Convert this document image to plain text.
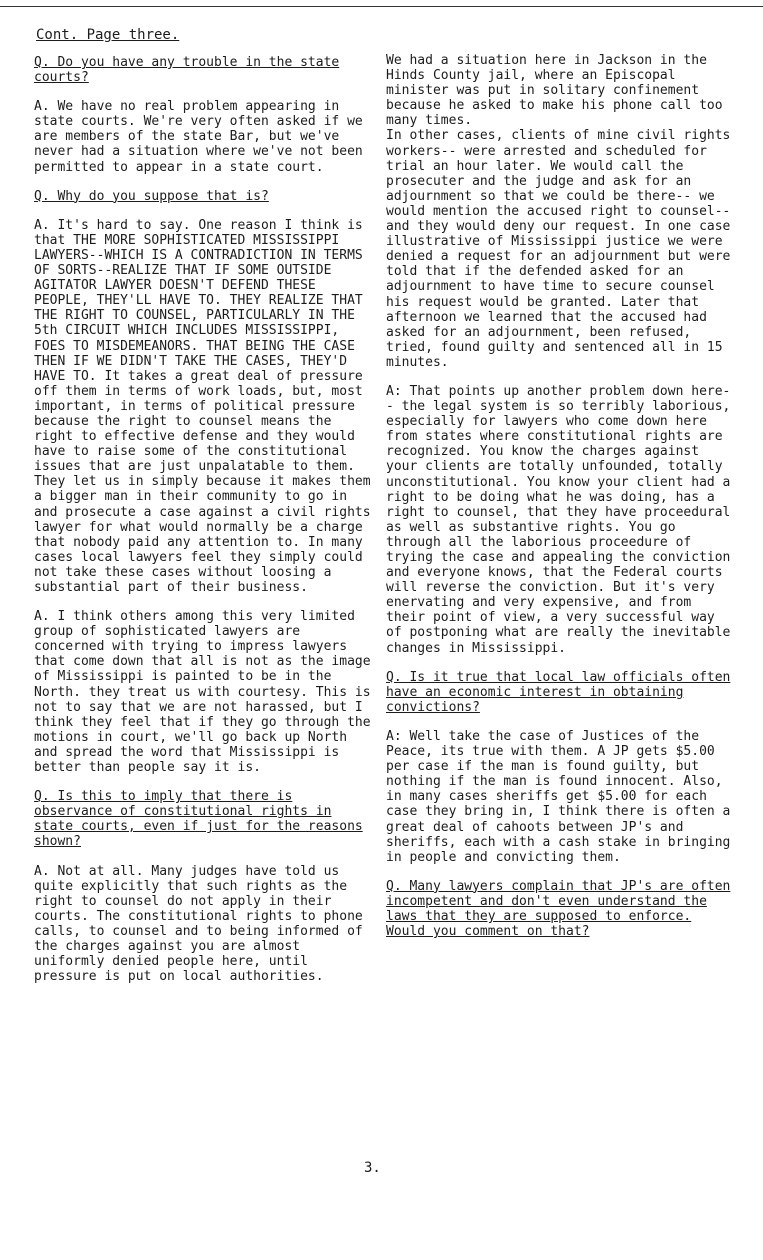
Cont. Page three.
Q. Do you have any trouble in the state courts?
A. We have no real problem appearing in state courts. We're very often asked if we are members of the state Bar, but we've never had a situation where we've not been permitted to appear in a state court.
Q. Why do you suppose that is?
A. It's hard to say. One reason I think is that THE MORE SOPHISTICATED MISSISSIPPI LAWYERS--WHICH IS A CONTRADICTION IN TERMS OF SORTS--REALIZE THAT IF SOME OUTSIDE AGITATOR LAWYER DOESN'T DEFEND THESE PEOPLE, THEY'LL HAVE TO. THEY REALIZE THAT THE RIGHT TO COUNSEL, PARTICULARLY IN THE 5th CIRCUIT WHICH INCLUDES MISSISSIPPI, FOES TO MISDEMEANORS. THAT BEING THE CASE THEN IF WE DIDN'T TAKE THE CASES, THEY'D HAVE TO. It takes a great deal of pressure off them in terms of work loads, but, most important, in terms of political pressure because the right to counsel means the right to effective defense and they would have to raise some of the constitutional issues that are just unpalatable to them. They let us in simply because it makes them a bigger man in their community to go in and prosecute a case against a civil rights lawyer for what would normally be a charge that nobody paid any attention to. In many cases local lawyers feel they simply could not take these cases without loosing a substantial part of their business.
A. I think others among this very limited group of sophisticated lawyers are concerned with trying to impress lawyers that come down that all is not as the image of Mississippi is painted to be in the North. they treat us with courtesy. This is not to say that we are not harassed, but I think they feel that if they go through the motions in court, we'll go back up North and spread the word that Mississippi is better than people say it is.
Q. Is this to imply that there is observance of constitutional rights in state courts, even if just for the reasons shown?
A. Not at all. Many judges have told us quite explicitly that such rights as the right to counsel do not apply in their courts. The constitutional rights to phone calls, to counsel and to being informed of the charges against you are almost uniformly denied people here, until pressure is put on local authorities.
We had a situation here in Jackson in the Hinds County jail, where an Episcopal minister was put in solitary confinement because he asked to make his phone call too many times.
In other cases, clients of mine civil rights workers-- were arrested and scheduled for trial an hour later. We would call the prosecuter and the judge and ask for an adjournment so that we could be there-- we would mention the accused right to counsel-- and they would deny our request. In one case illustrative of Mississippi justice we were denied a request for an adjournment but were told that if the defended asked for an adjournment to have time to secure counsel his request would be granted. Later that afternoon we learned that the accused had asked for an adjournment, been refused, tried, found guilty and sentenced all in 15 minutes.
A: That points up another problem down here-- the legal system is so terribly laborious, especially for lawyers who come down here from states where constitutional rights are recognized. You know the charges against your clients are totally unfounded, totally unconstitutional. You know your client had a right to be doing what he was doing, has a right to counsel, that they have proceedural as well as substantive rights. You go through all the laborious proceedure of trying the case and appealing the conviction and everyone knows, that the Federal courts will reverse the conviction. But it's very enervating and very expensive, and from their point of view, a very successful way of postponing what are really the inevitable changes in Mississippi.
Q. Is it true that local law officials often have an economic interest in obtaining convictions?
A: Well take the case of Justices of the Peace, its true with them. A JP gets $5.00 per case if the man is found guilty, but nothing if the man is found innocent. Also, in many cases sheriffs get $5.00 for each case they bring in, I think there is often a great deal of cahoots between JP's and sheriffs, each with a cash stake in bringing in people and convicting them.
Q. Many lawyers complain that JP's are often incompetent and don't even understand the laws that they are supposed to enforce. Would you comment on that?
3.
